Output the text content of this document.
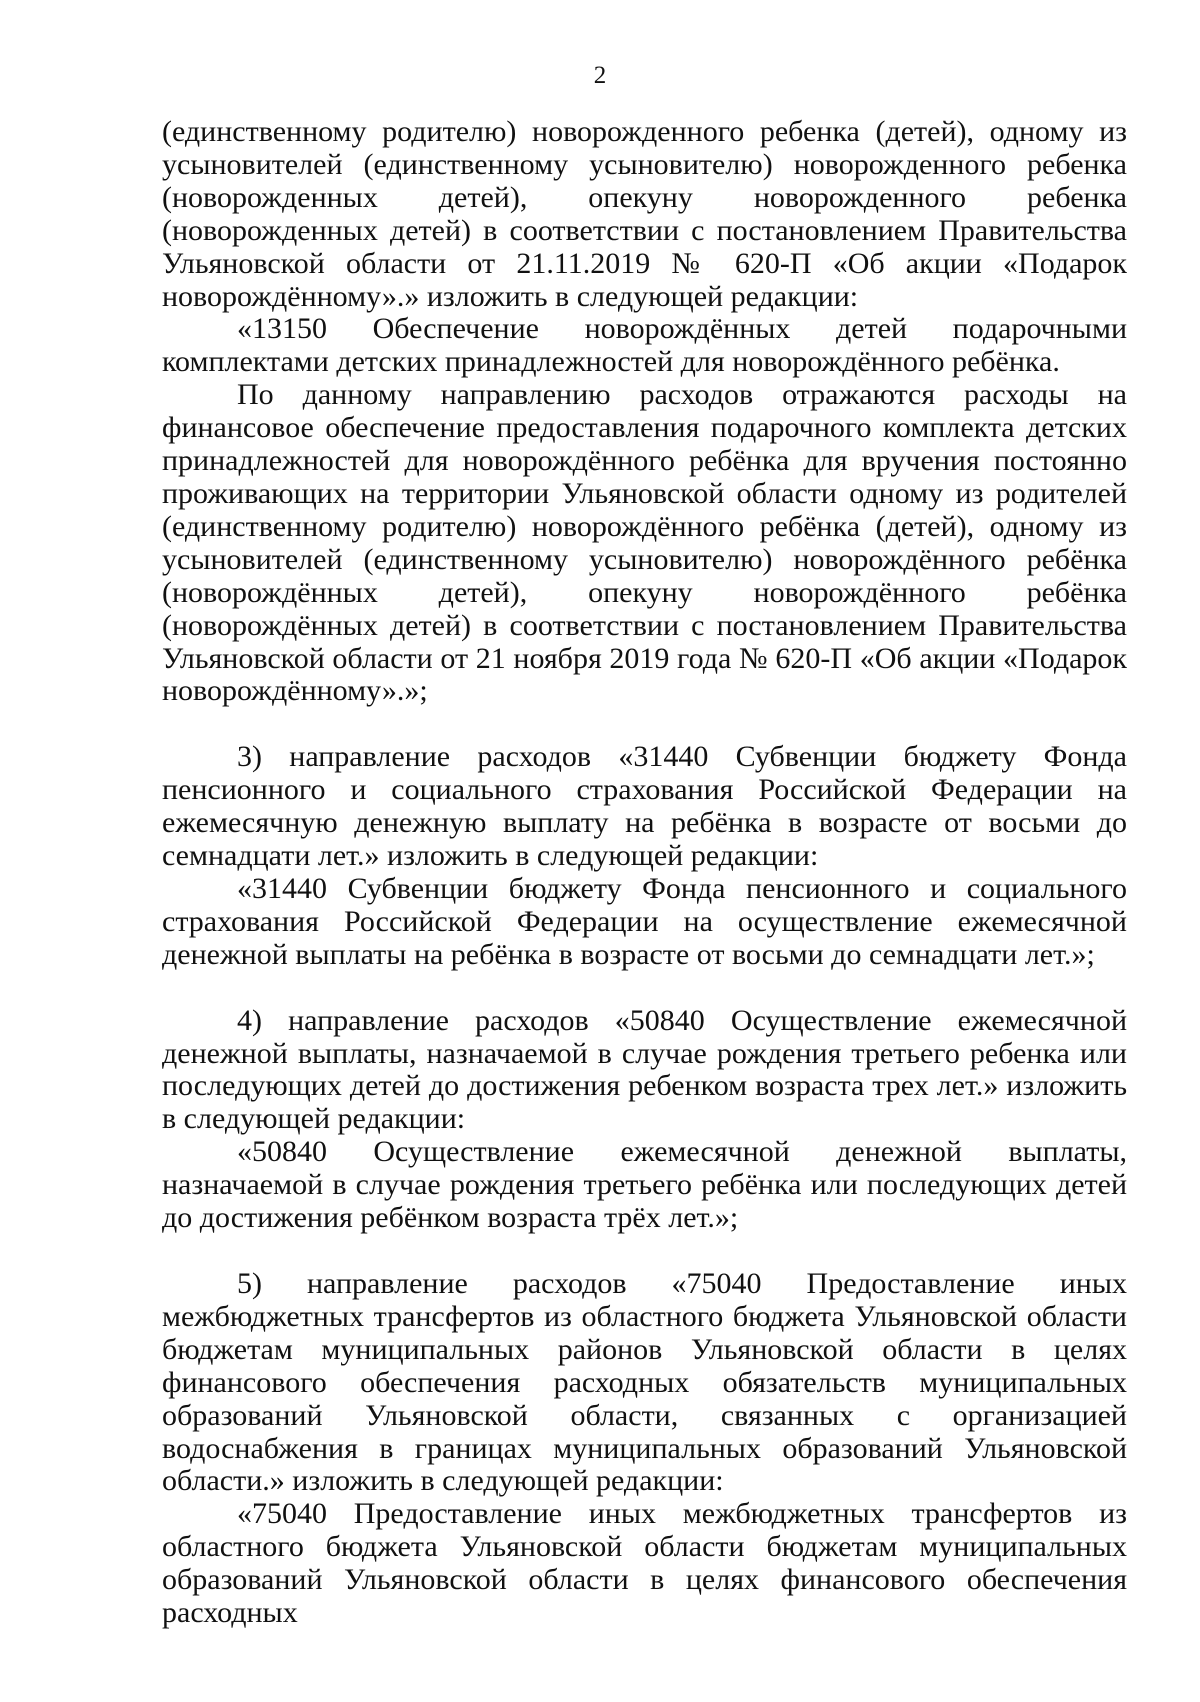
2

(единственному родителю) новорожденного ребенка (детей), одному из усыновителей (единственному усыновителю) новорожденного ребенка (новорожденных детей), опекуну новорожденного ребенка (новорожденных детей) в соответствии с постановлением Правительства Ульяновской области от 21.11.2019 № 620-П «Об акции «Подарок новорождённому».» изложить в следующей редакции:

«13150 Обеспечение новорождённых детей подарочными комплектами детских принадлежностей для новорождённого ребёнка.

По данному направлению расходов отражаются расходы на финансовое обеспечение предоставления подарочного комплекта детских принадлежностей для новорождённого ребёнка для вручения постоянно проживающих на территории Ульяновской области одному из родителей (единственному родителю) новорождённого ребёнка (детей), одному из усыновителей (единственному усыновителю) новорождённого ребёнка (новорождённых детей), опекуну новорождённого ребёнка (новорождённых детей) в соответствии с постановлением Правительства Ульяновской области от 21 ноября 2019 года № 620-П «Об акции «Подарок новорождённому».»;

3) направление расходов «31440 Субвенции бюджету Фонда пенсионного и социального страхования Российской Федерации на ежемесячную денежную выплату на ребёнка в возрасте от восьми до семнадцати лет.» изложить в следующей редакции:

«31440 Субвенции бюджету Фонда пенсионного и социального страхования Российской Федерации на осуществление ежемесячной денежной выплаты на ребёнка в возрасте от восьми до семнадцати лет.»;

4) направление расходов «50840 Осуществление ежемесячной денежной выплаты, назначаемой в случае рождения третьего ребенка или последующих детей до достижения ребенком возраста трех лет.» изложить в следующей редакции:

«50840 Осуществление ежемесячной денежной выплаты, назначаемой в случае рождения третьего ребёнка или последующих детей до достижения ребёнком возраста трёх лет.»;

5) направление расходов «75040 Предоставление иных межбюджетных трансфертов из областного бюджета Ульяновской области бюджетам муниципальных районов Ульяновской области в целях финансового обеспечения расходных обязательств муниципальных образований Ульяновской области, связанных с организацией водоснабжения в границах муниципальных образований Ульяновской области.» изложить в следующей редакции:

«75040 Предоставление иных межбюджетных трансфертов из областного бюджета Ульяновской области бюджетам муниципальных образований Ульяновской области в целях финансового обеспечения расходных
